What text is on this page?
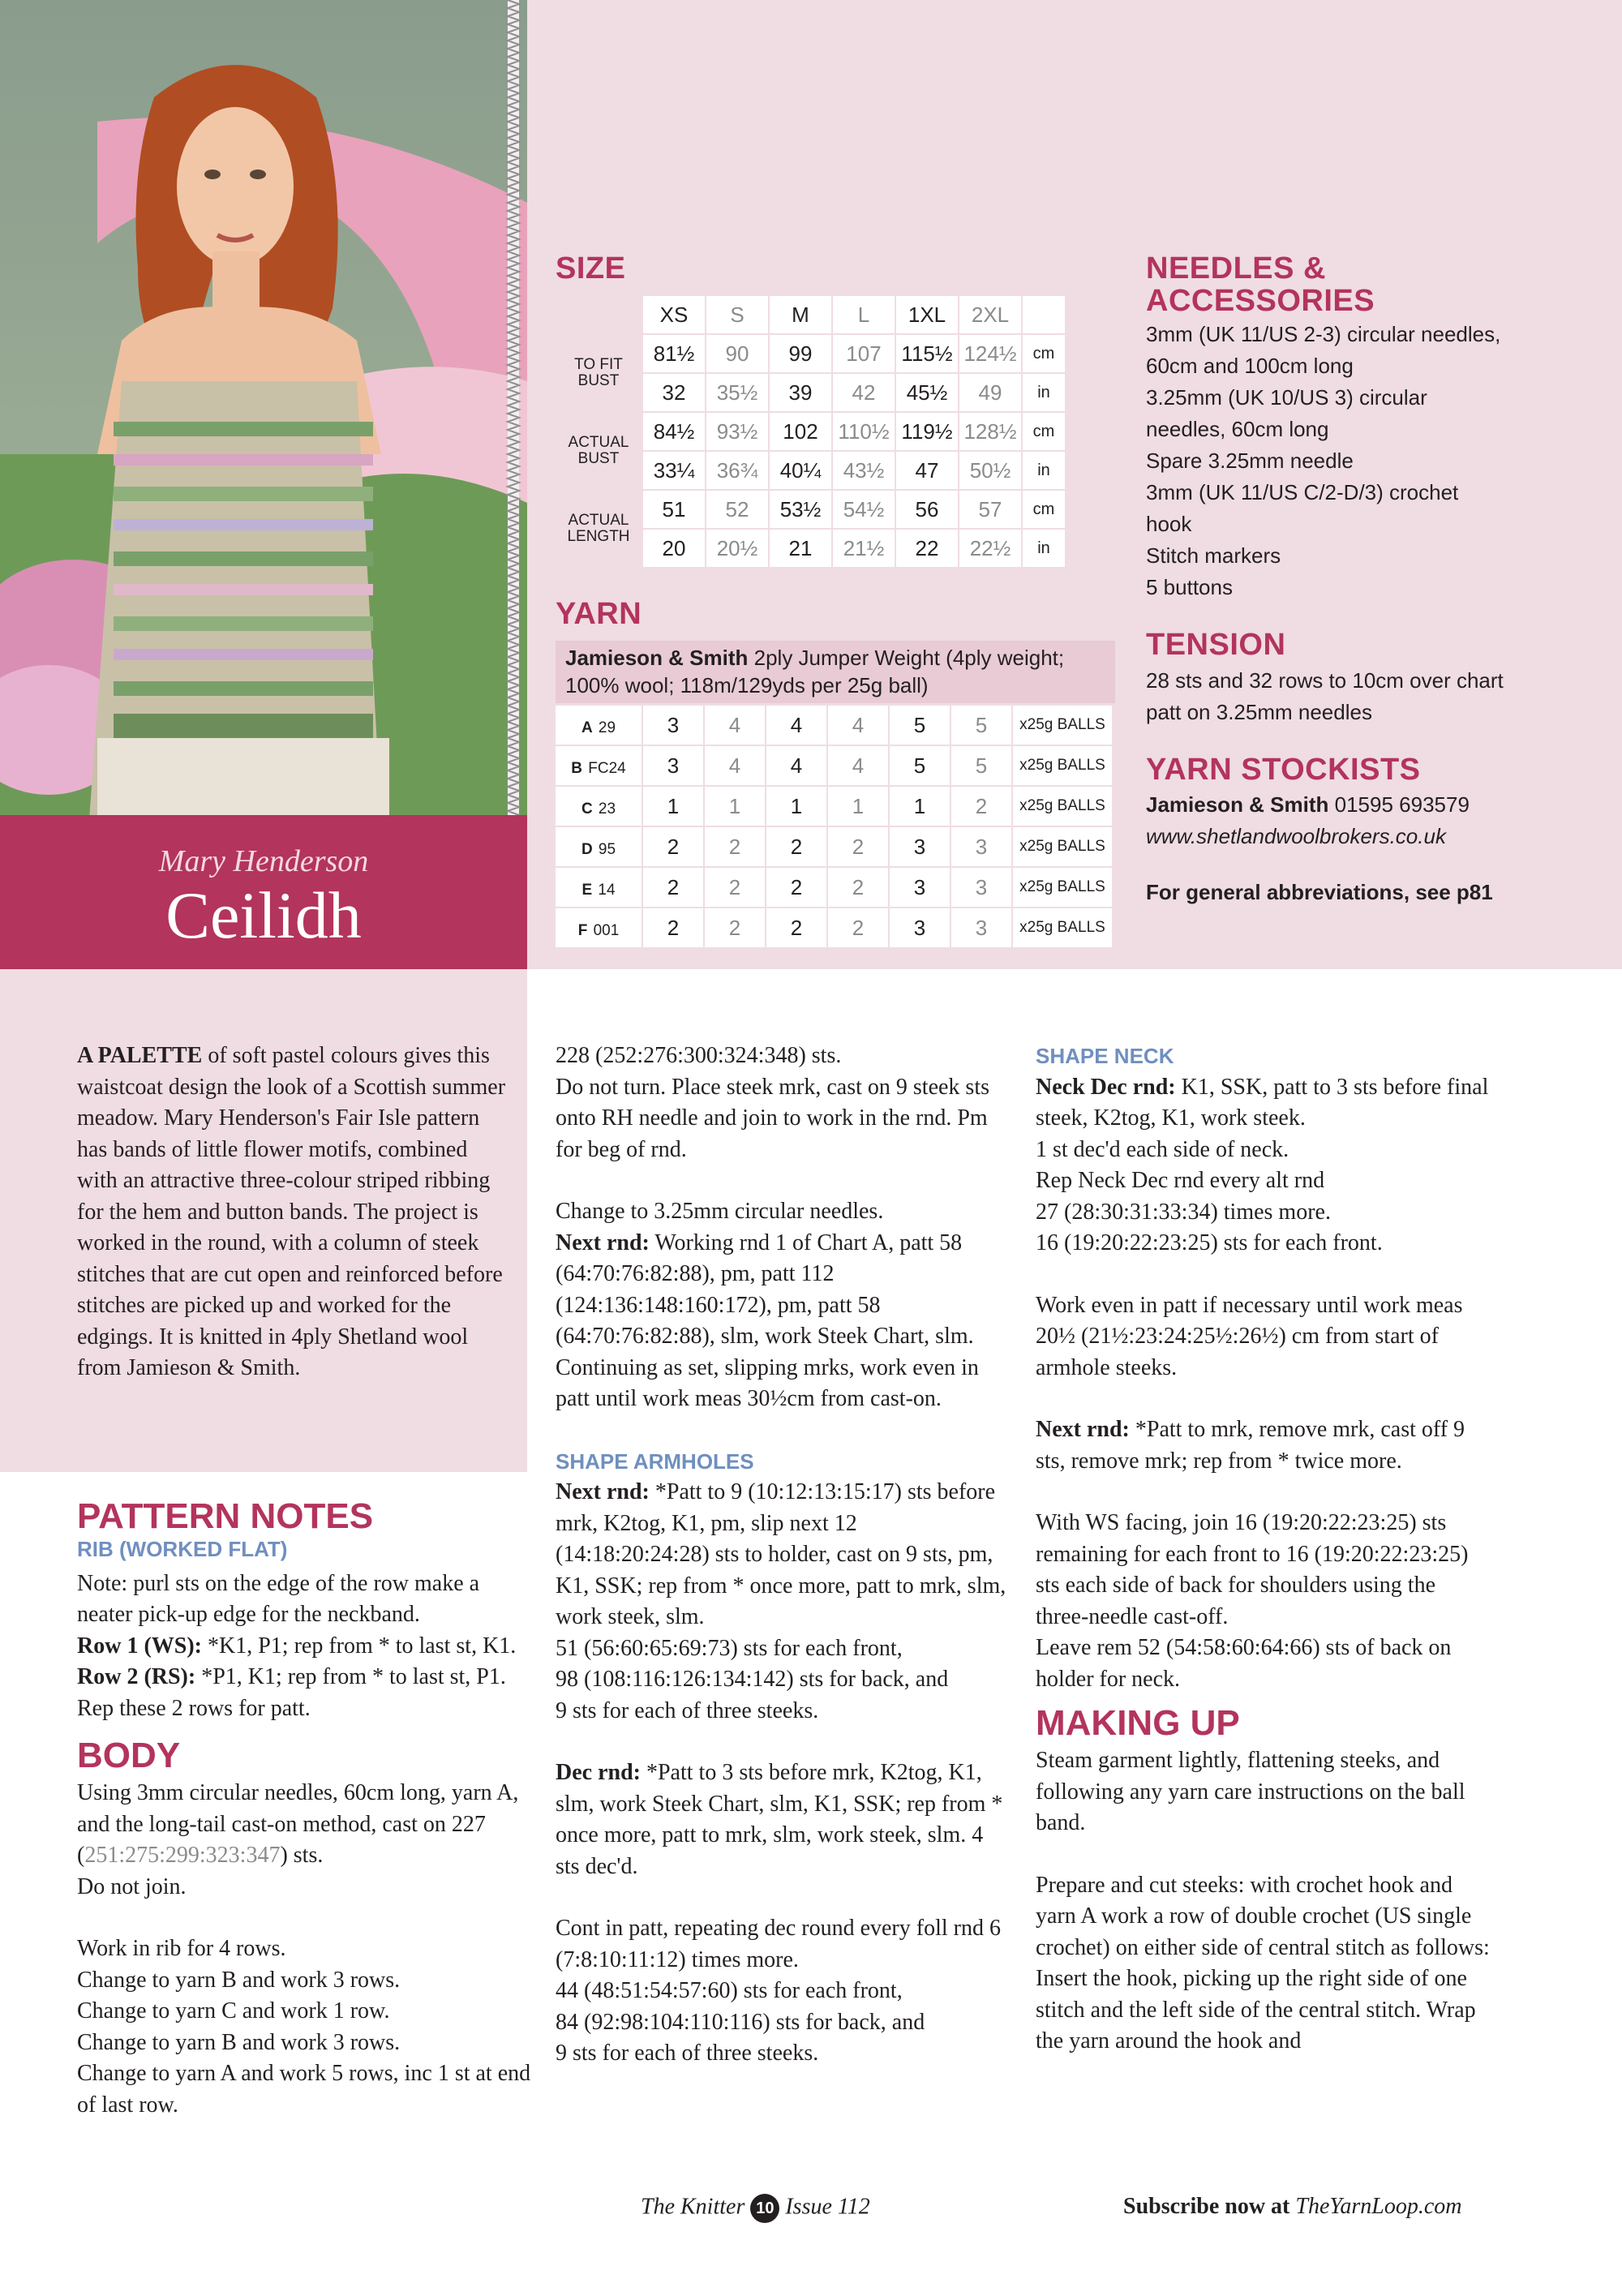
Mary Henderson
Ceilidh
SIZE
	XS	S	M	L	1XL	2XL	
TO FIT BUST	81½	90	99	107	115½	124½	cm
	32	35½	39	42	45½	49	in
ACTUAL BUST	84½	93½	102	110½	119½	128½	cm
	33¼	36¾	40¼	43½	47	50½	in
ACTUAL LENGTH	51	52	53½	54½	56	57	cm
	20	20½	21	21½	22	22½	in
YARN
Jamieson & Smith 2ply Jumper Weight (4ply weight; 100% wool; 118m/129yds per 25g ball)
A 29	3	4	4	4	5	5	x25g BALLS
B FC24	3	4	4	4	5	5	x25g BALLS
C 23	1	1	1	1	1	2	x25g BALLS
D 95	2	2	2	2	3	3	x25g BALLS
E 14	2	2	2	2	3	3	x25g BALLS
F 001	2	2	2	2	3	3	x25g BALLS
NEEDLES &
ACCESSORIES
3mm (UK 11/US 2-3) circular needles, 60cm and 100cm long
3.25mm (UK 10/US 3) circular needles, 60cm long
Spare 3.25mm needle
3mm (UK 11/US C/2-D/3) crochet hook
Stitch markers
5 buttons
TENSION
28 sts and 32 rows to 10cm over chart patt on 3.25mm needles
YARN STOCKISTS
Jamieson & Smith 01595 693579
www.shetlandwoolbrokers.co.uk
For general abbreviations, see p81

A PALETTE of soft pastel colours gives this waistcoat design the look of a Scottish summer meadow. Mary Henderson's Fair Isle pattern has bands of little flower motifs, combined with an attractive three-colour striped ribbing for the hem and button bands. The project is worked in the round, with a column of steek stitches that are cut open and reinforced before stitches are picked up and worked for the edgings. It is knitted in 4ply Shetland wool from Jamieson & Smith.

PATTERN NOTES
RIB (WORKED FLAT)

Note: purl sts on the edge of the row make a neater pick-up edge for the neckband.

Row 1 (WS): *K1, P1; rep from * to last st, K1.

Row 2 (RS): *P1, K1; rep from * to last st, P1.

Rep these 2 rows for patt.

BODY

Using 3mm circular needles, 60cm long, yarn A, and the long-tail cast-on method, cast on 227 (251:275:299:323:347) sts.

Do not join.

Work in rib for 4 rows.

Change to yarn B and work 3 rows.

Change to yarn C and work 1 row.

Change to yarn B and work 3 rows.

Change to yarn A and work 5 rows, inc 1 st at end of last row.

228 (252:276:300:324:348) sts.

Do not turn. Place steek mrk, cast on 9 steek sts onto RH needle and join to work in the rnd. Pm for beg of rnd.

Change to 3.25mm circular needles.

Next rnd: Working rnd 1 of Chart A, patt 58 (64:70:76:82:88), pm, patt 112 (124:136:148:160:172), pm, patt 58 (64:70:76:82:88), slm, work Steek Chart, slm.

Continuing as set, slipping mrks, work even in patt until work meas 30½cm from cast-on.

SHAPE ARMHOLES

Next rnd: *Patt to 9 (10:12:13:15:17) sts before mrk, K2tog, K1, pm, slip next 12 (14:18:20:24:28) sts to holder, cast on 9 sts, pm, K1, SSK; rep from * once more, patt to mrk, slm, work steek, slm.

51 (56:60:65:69:73) sts for each front,

98 (108:116:126:134:142) sts for back, and

9 sts for each of three steeks.

Dec rnd: *Patt to 3 sts before mrk, K2tog, K1, slm, work Steek Chart, slm, K1, SSK; rep from * once more, patt to mrk, slm, work steek, slm. 4 sts dec'd.

Cont in patt, repeating dec round every foll rnd 6 (7:8:10:11:12) times more.

44 (48:51:54:57:60) sts for each front,

84 (92:98:104:110:116) sts for back, and

9 sts for each of three steeks.

SHAPE NECK

Neck Dec rnd: K1, SSK, patt to 3 sts before final steek, K2tog, K1, work steek.

1 st dec'd each side of neck.

Rep Neck Dec rnd every alt rnd

27 (28:30:31:33:34) times more.

16 (19:20:22:23:25) sts for each front.

Work even in patt if necessary until work meas 20½ (21½:23:24:25½:26½) cm from start of armhole steeks.

Next rnd: *Patt to mrk, remove mrk, cast off 9 sts, remove mrk; rep from * twice more.

With WS facing, join 16 (19:20:22:23:25) sts remaining for each front to 16 (19:20:22:23:25) sts each side of back for shoulders using the three-needle cast-off.

Leave rem 52 (54:58:60:64:66) sts of back on holder for neck.

MAKING UP

Steam garment lightly, flattening steeks, and following any yarn care instructions on the ball band.

Prepare and cut steeks: with crochet hook and yarn A work a row of double crochet (US single crochet) on either side of central stitch as follows:

Insert the hook, picking up the right side of one stitch and the left side of the central stitch. Wrap the yarn around the hook and

The Knitter 10 Issue 112	Subscribe now at TheYarnLoop.com
